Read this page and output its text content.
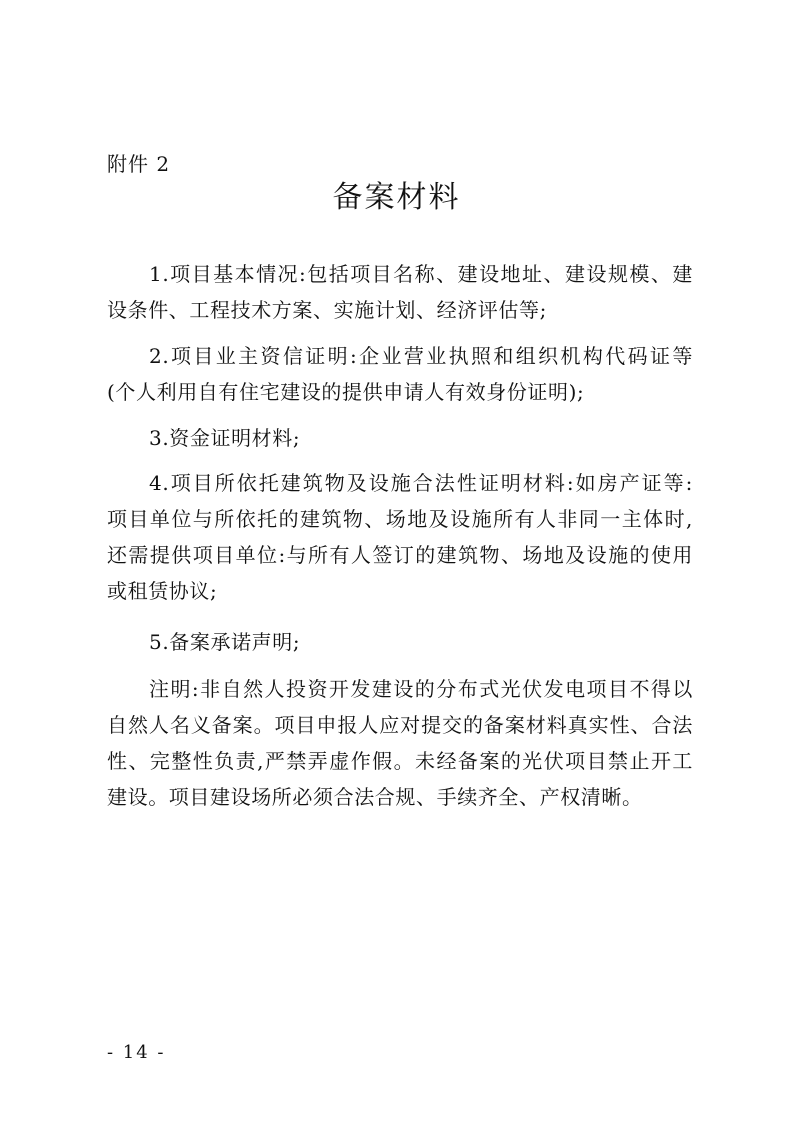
附件 2
备案材料
1.项目基本情况:包括项目名称、建设地址、建设规模、建
设条件、工程技术方案、实施计划、经济评估等;
2.项目业主资信证明:企业营业执照和组织机构代码证等
(个人利用自有住宅建设的提供申请人有效身份证明);
3.资金证明材料;
4.项目所依托建筑物及设施合法性证明材料:如房产证等:
项目单位与所依托的建筑物、场地及设施所有人非同一主体时,
还需提供项目单位:与所有人签订的建筑物、场地及设施的使用
或租赁协议;
5.备案承诺声明;
注明:非自然人投资开发建设的分布式光伏发电项目不得以
自然人名义备案。项目申报人应对提交的备案材料真实性、合法
性、完整性负责,严禁弄虚作假。未经备案的光伏项目禁止开工
建设。项目建设场所必须合法合规、手续齐全、产权清晰。
- 14 -
